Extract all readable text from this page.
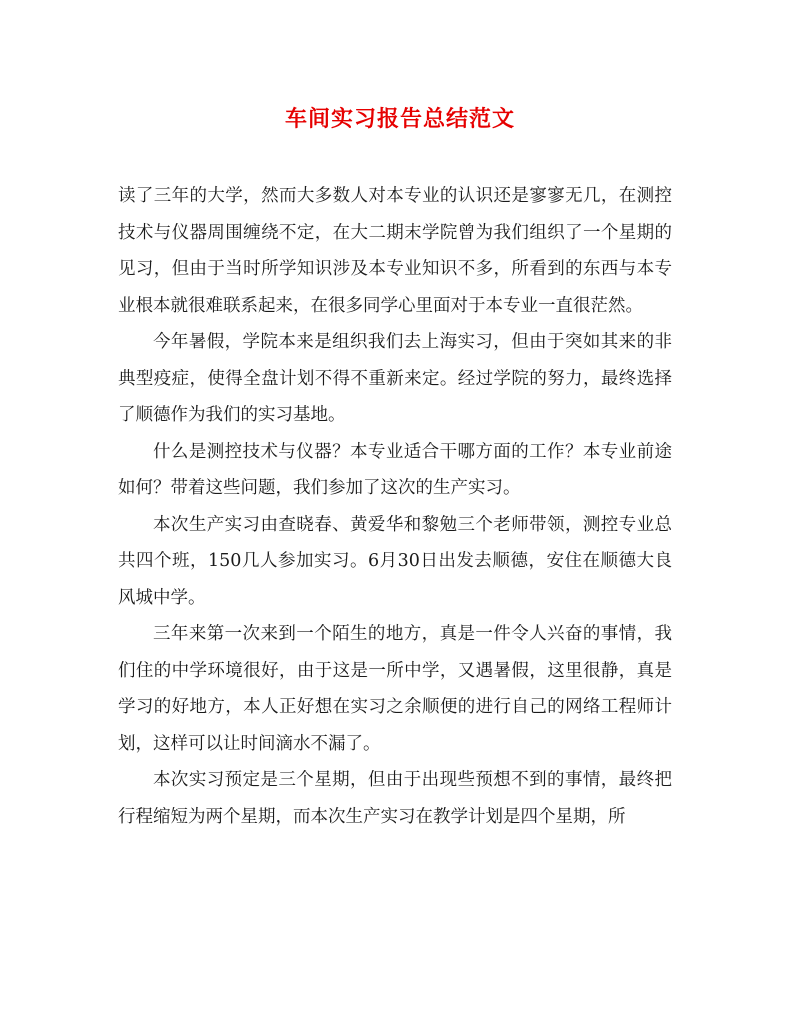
车间实习报告总结范文

读了三年的大学，然而大多数人对本专业的认识还是寥寥无几，在测控技术与仪器周围缠绕不定，在大二期末学院曾为我们组织了一个星期的见习，但由于当时所学知识涉及本专业知识不多，所看到的东西与本专业根本就很难联系起来，在很多同学心里面对于本专业一直很茫然。

今年暑假，学院本来是组织我们去上海实习，但由于突如其来的非典型疫症，使得全盘计划不得不重新来定。经过学院的努力，最终选择了顺德作为我们的实习基地。

什么是测控技术与仪器？本专业适合干哪方面的工作？本专业前途如何？带着这些问题，我们参加了这次的生产实习。

本次生产实习由查晓春、黄爱华和黎勉三个老师带领，测控专业总共四个班，150几人参加实习。6月30日出发去顺德，安住在顺德大良风城中学。

三年来第一次来到一个陌生的地方，真是一件令人兴奋的事情，我们住的中学环境很好，由于这是一所中学，又遇暑假，这里很静，真是学习的好地方，本人正好想在实习之余顺便的进行自己的网络工程师计划，这样可以让时间滴水不漏了。

本次实习预定是三个星期，但由于出现些预想不到的事情，最终把行程缩短为两个星期，而本次生产实习在教学计划是四个星期，所
